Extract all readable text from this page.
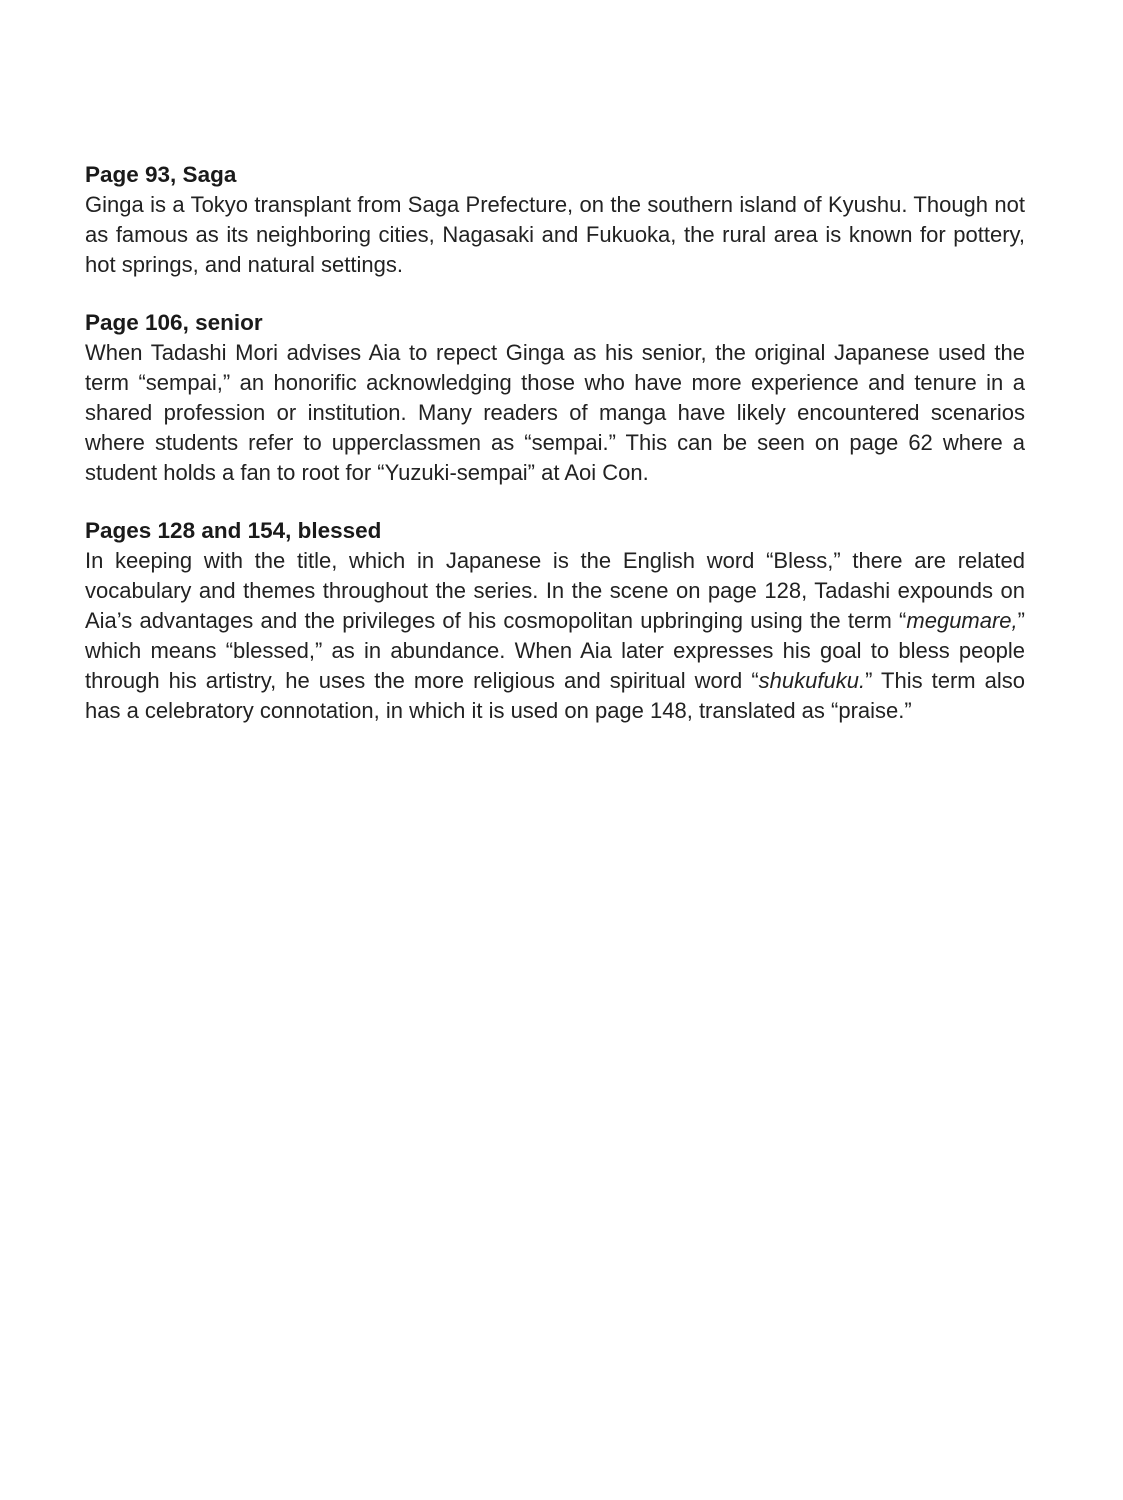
Page 93, Saga

Ginga is a Tokyo transplant from Saga Prefecture, on the southern island of Kyushu. Though not as famous as its neighboring cities, Nagasaki and Fukuoka, the rural area is known for pottery, hot springs, and natural settings.

Page 106, senior

When Tadashi Mori advises Aia to repect Ginga as his senior, the original Japanese used the term “sempai,” an honorific acknowledging those who have more experience and tenure in a shared profession or institution. Many readers of manga have likely encountered scenarios where students refer to upperclassmen as “sempai.” This can be seen on page 62 where a student holds a fan to root for “Yuzuki-sempai” at Aoi Con.

Pages 128 and 154, blessed

In keeping with the title, which in Japanese is the English word “Bless,” there are related vocabulary and themes throughout the series. In the scene on page 128, Tadashi expounds on Aia’s advantages and the privileges of his cosmopolitan upbringing using the term “megumare,” which means “blessed,” as in abundance. When Aia later expresses his goal to bless people through his artistry, he uses the more religious and spiritual word “shukufuku.” This term also has a celebratory connotation, in which it is used on page 148, translated as “praise.”
